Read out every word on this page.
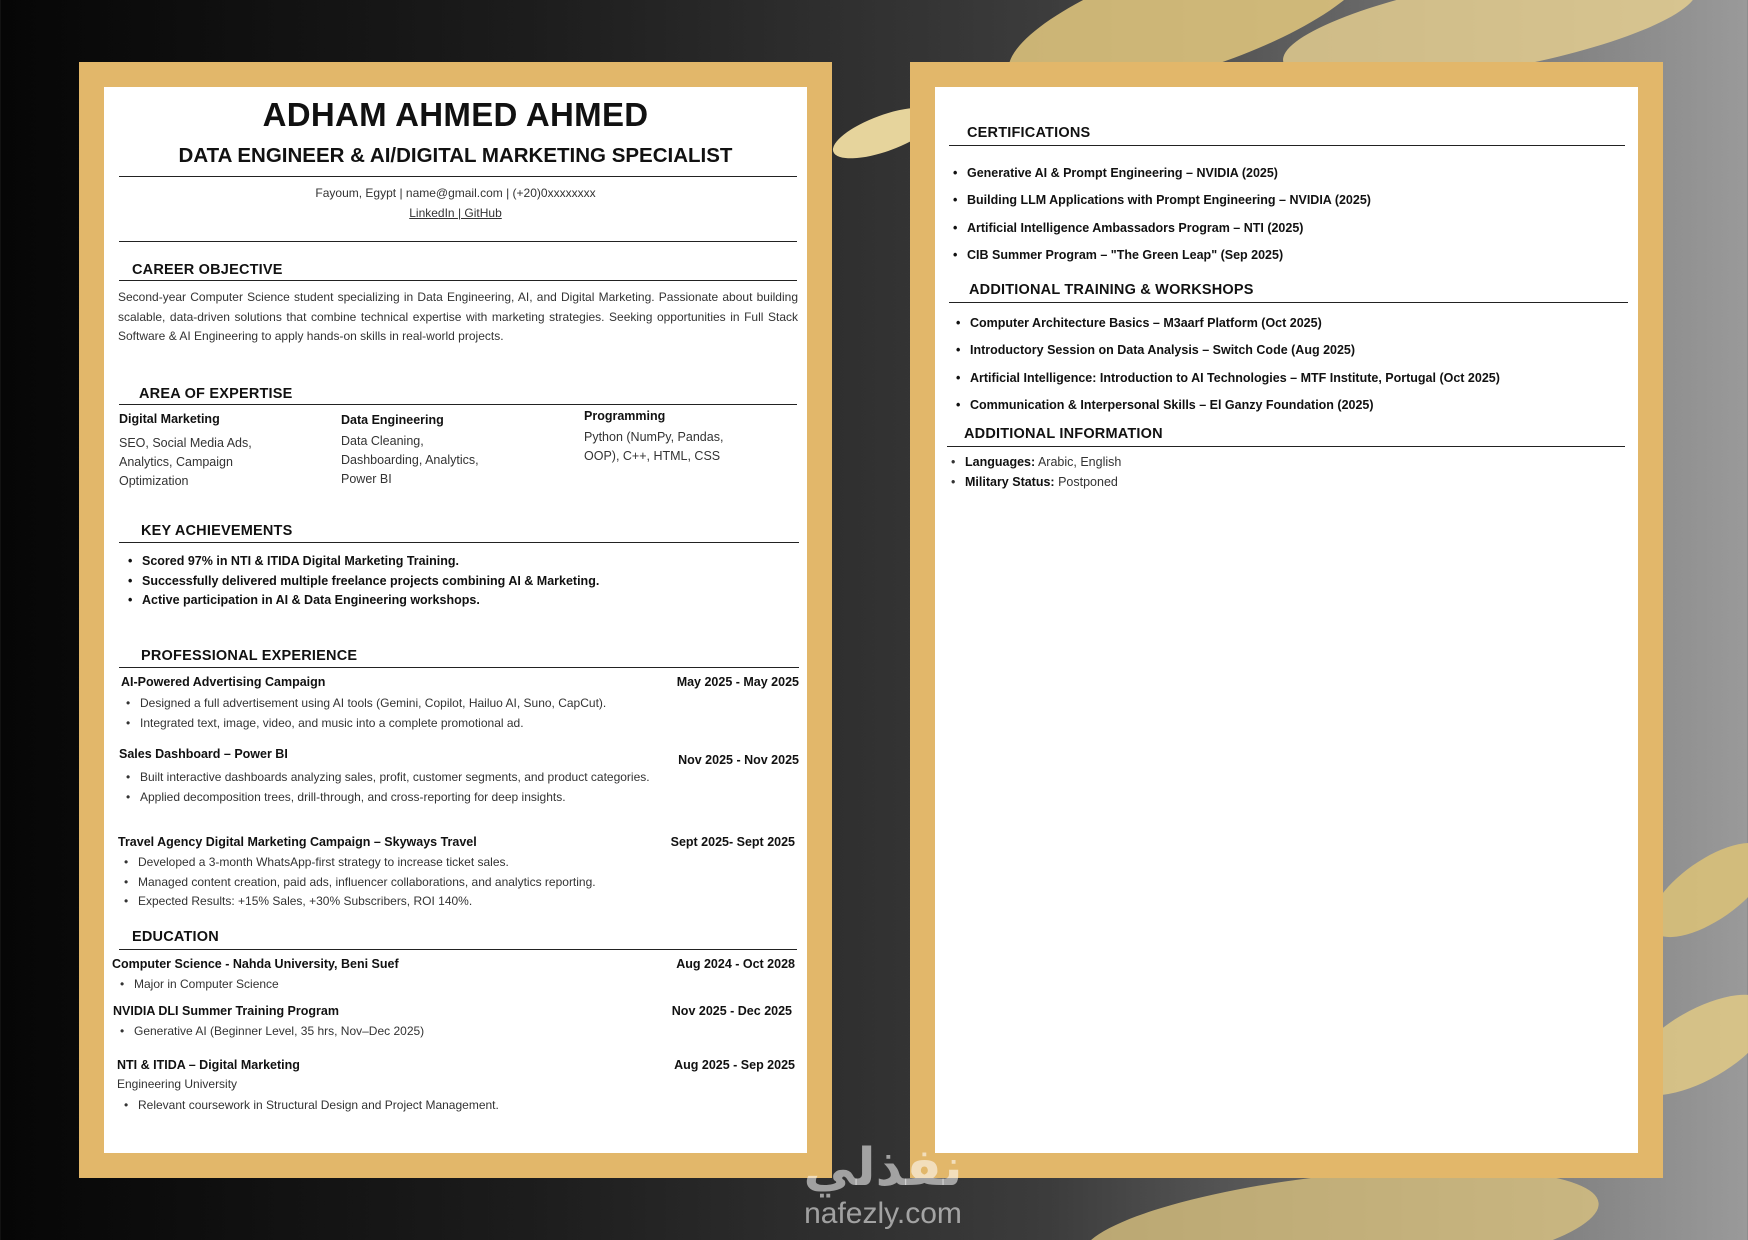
ADHAM AHMED AHMED
DATA ENGINEER & AI/DIGITAL MARKETING SPECIALIST
Fayoum, Egypt | name@gmail.com | (+20)0xxxxxxxx
LinkedIn | GitHub
CAREER OBJECTIVE
Second-year Computer Science student specializing in Data Engineering, AI, and Digital Marketing. Passionate about building scalable, data-driven solutions that combine technical expertise with marketing strategies. Seeking opportunities in Full Stack Software & AI Engineering to apply hands-on skills in real-world projects.
AREA OF EXPERTISE
Digital Marketing
SEO, Social Media Ads, Analytics, Campaign Optimization
Data Engineering
Data Cleaning, Dashboarding, Analytics, Power BI
Programming
Python (NumPy, Pandas, OOP), C++, HTML, CSS
KEY ACHIEVEMENTS
• Scored 97% in NTI & ITIDA Digital Marketing Training.
• Successfully delivered multiple freelance projects combining AI & Marketing.
• Active participation in AI & Data Engineering workshops.
PROFESSIONAL EXPERIENCE
AI-Powered Advertising Campaign	May 2025 - May 2025
• Designed a full advertisement using AI tools (Gemini, Copilot, Hailuo AI, Suno, CapCut).
• Integrated text, image, video, and music into a complete promotional ad.
Sales Dashboard – Power BI	Nov 2025 - Nov 2025
• Built interactive dashboards analyzing sales, profit, customer segments, and product categories.
• Applied decomposition trees, drill-through, and cross-reporting for deep insights.
Travel Agency Digital Marketing Campaign – Skyways Travel	Sept 2025- Sept 2025
• Developed a 3-month WhatsApp-first strategy to increase ticket sales.
• Managed content creation, paid ads, influencer collaborations, and analytics reporting.
• Expected Results: +15% Sales, +30% Subscribers, ROI 140%.
EDUCATION
Computer Science - Nahda University, Beni Suef	Aug 2024 - Oct 2028
• Major in Computer Science
NVIDIA DLI Summer Training Program	Nov 2025 - Dec 2025
• Generative AI (Beginner Level, 35 hrs, Nov–Dec 2025)
NTI & ITIDA – Digital Marketing	Aug 2025 - Sep 2025
Engineering University
• Relevant coursework in Structural Design and Project Management.
CERTIFICATIONS
• Generative AI & Prompt Engineering – NVIDIA (2025)
• Building LLM Applications with Prompt Engineering – NVIDIA (2025)
• Artificial Intelligence Ambassadors Program – NTI (2025)
• CIB Summer Program – "The Green Leap" (Sep 2025)
ADDITIONAL TRAINING & WORKSHOPS
• Computer Architecture Basics – M3aarf Platform (Oct 2025)
• Introductory Session on Data Analysis – Switch Code (Aug 2025)
• Artificial Intelligence: Introduction to AI Technologies – MTF Institute, Portugal (Oct 2025)
• Communication & Interpersonal Skills – El Ganzy Foundation (2025)
ADDITIONAL INFORMATION
• Languages: Arabic, English
• Military Status: Postponed
نفذلي
nafezly.com
